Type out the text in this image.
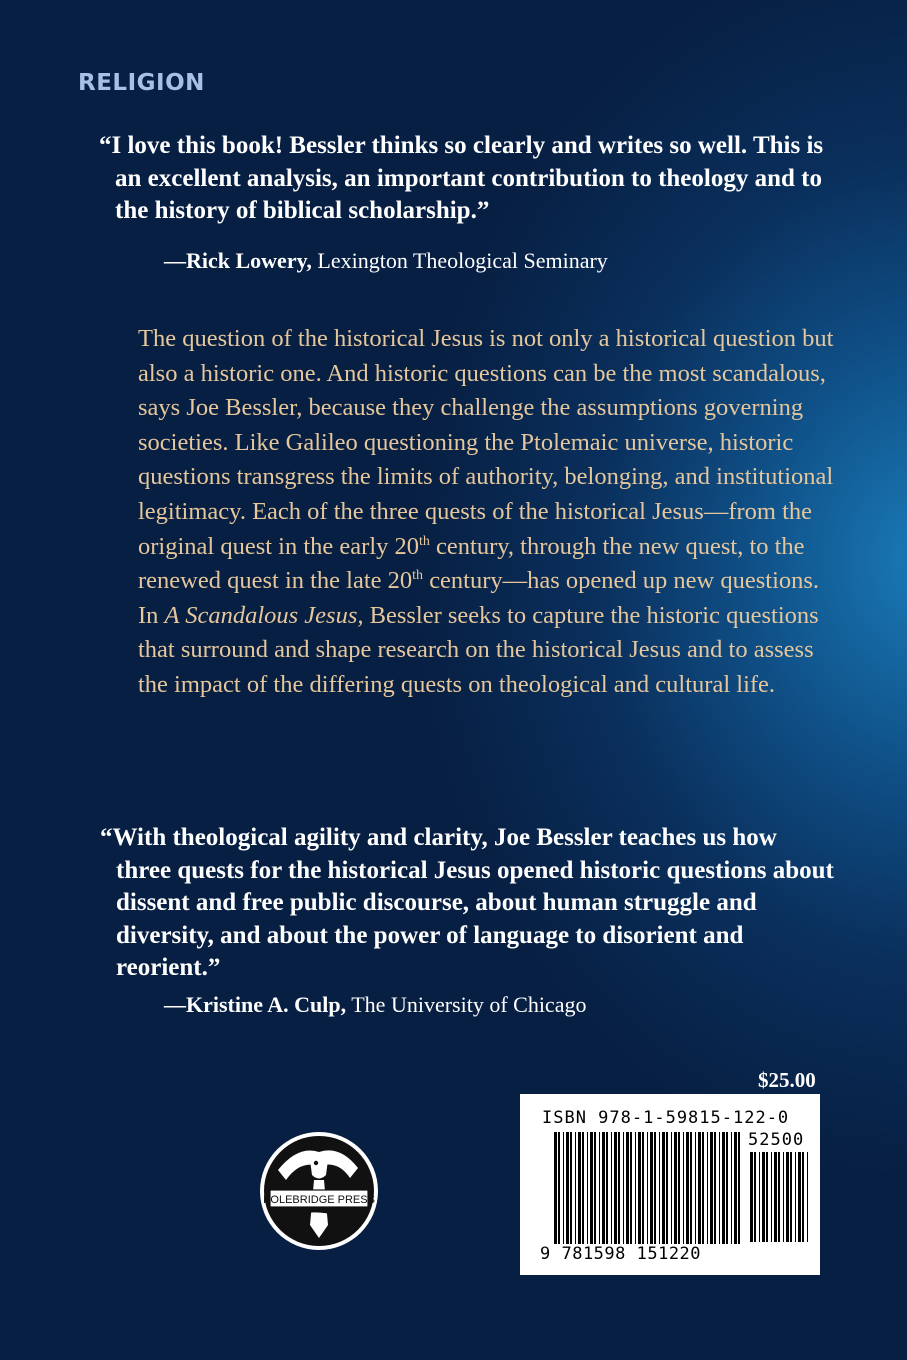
RELIGION

“I love this book! Bessler thinks so clearly and writes so well. This is an excellent analysis, an important contribution to theology and to the history of biblical scholarship.”

—Rick Lowery, Lexington Theological Seminary

The question of the historical Jesus is not only a historical question but also a historic one. And historic questions can be the most scandalous, says Joe Bessler, because they challenge the assumptions governing societies. Like Galileo questioning the Ptolemaic universe, historic questions transgress the limits of authority, belonging, and institutional legitimacy. Each of the three quests of the historical Jesus—from the original quest in the early 20th century, through the new quest, to the renewed quest in the late 20th century—has opened up new questions. In A Scandalous Jesus, Bessler seeks to capture the historic questions that surround and shape research on the historical Jesus and to assess the impact of the differing quests on theological and cultural life.

“With theological agility and clarity, Joe Bessler teaches us how three quests for the historical Jesus opened historic questions about dissent and free public discourse, about human struggle and diversity, and about the power of language to disorient and reorient.”

—Kristine A. Culp, The University of Chicago
$25.00
POLEBRIDGE PRESS
ISBN 978-1-59815-122-0
52500
9 781598 151220
